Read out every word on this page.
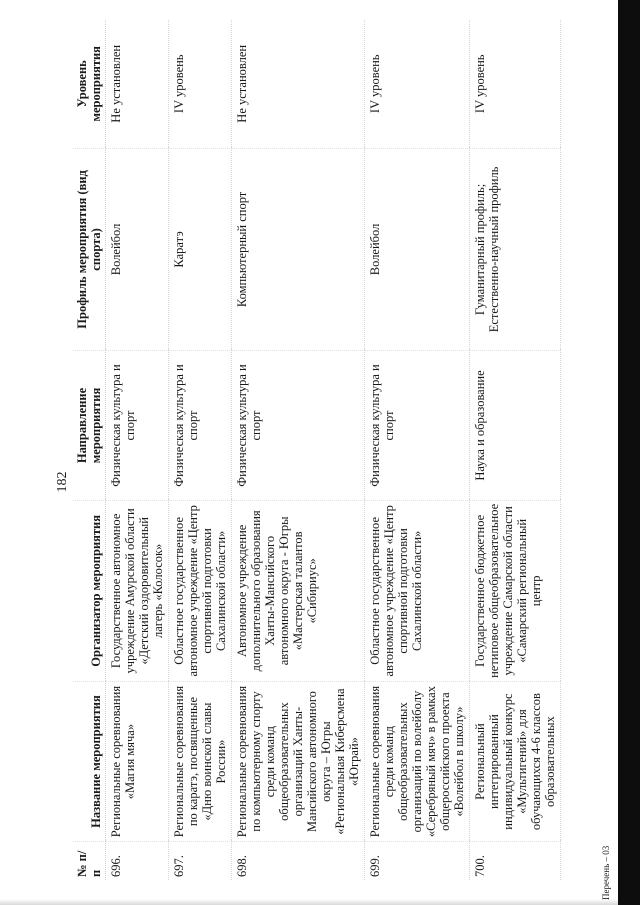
182
№ п/п	Название мероприятия	Организатор мероприятия	Направление мероприятия	Профиль мероприятия (вид спорта)	Уровень мероприятия
696.	Региональные соревнования «Магия мяча»	Государственное автономное учреждение Амурской области «Детский оздоровительный лагерь «Колосок»	Физическая культура и спорт	Волейбол	Не установлен
697.	Региональные соревнования по каратэ, посвященные «Дню воинской славы России»	Областное государственное автономное учреждение «Центр спортивной подготовки Сахалинской области»	Физическая культура и спорт	Каратэ	IV уровень
698.	Региональные соревнования по компьютерному спорту среди команд общеобразовательных организаций Ханты-Мансийского автономного округа – Югры «Региональная Киберсмена «Юграй»	Автономное учреждение дополнительного образования Ханты-Мансийского автономного округа - Югры «Мастерская талантов «Сибириус»	Физическая культура и спорт	Компьютерный спорт	Не установлен
699.	Региональные соревнования среди команд общеобразовательных организаций по волейболу «Серебряный мяч» в рамках общероссийского проекта «Волейбол в школу»	Областное государственное автономное учреждение «Центр спортивной подготовки Сахалинской области»	Физическая культура и спорт	Волейбол	IV уровень
700.	Региональный интегрированный индивидуальный конкурс «Мультигений» для обучающихся 4-6 классов образовательных	Государственное бюджетное нетиповое общеобразовательное учреждение Самарской области «Самарский региональный центр	Наука и образование	Гуманитарный профиль; Естественно-научный профиль	IV уровень
Перечень – 03
